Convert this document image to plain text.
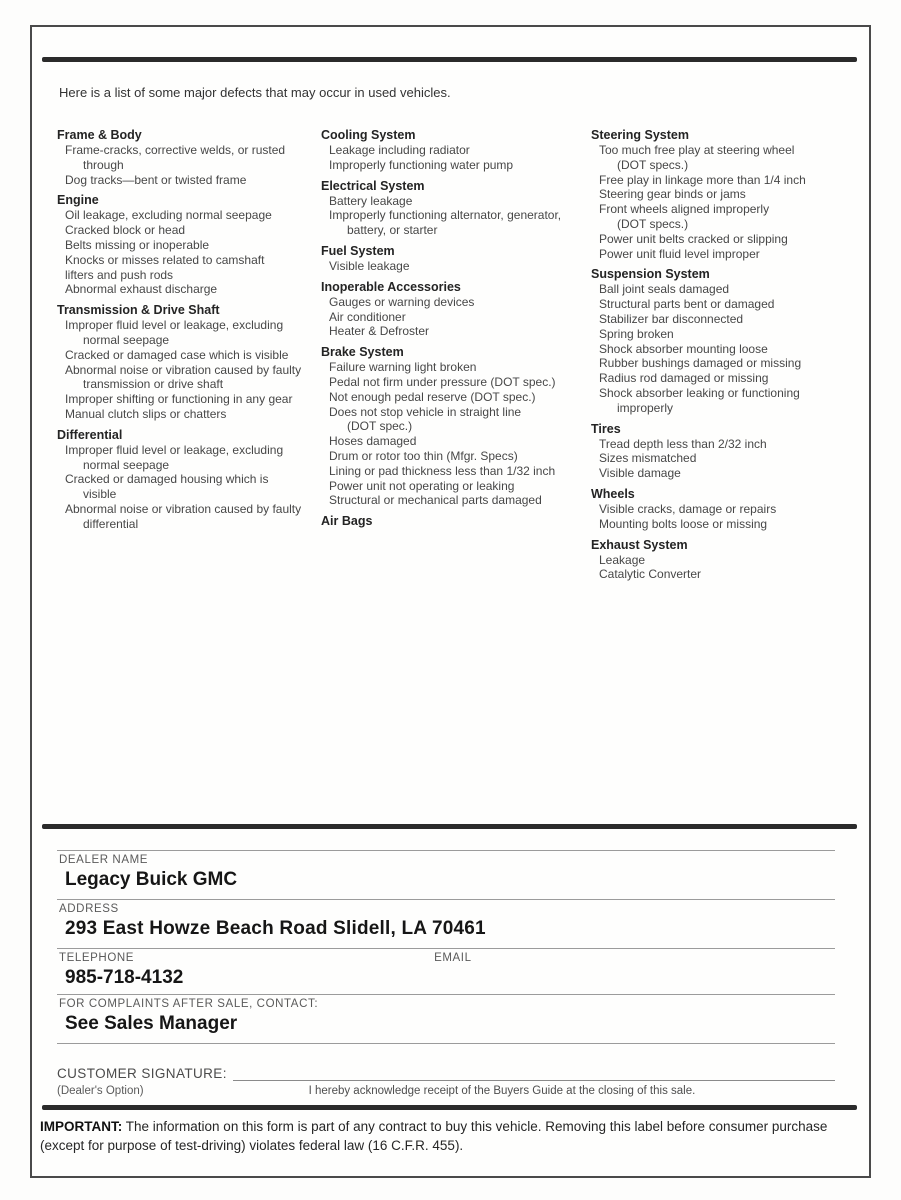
Here is a list of some major defects that may occur in used vehicles.

Frame & Body
Frame-cracks, corrective welds, or rusted
through
Dog tracks—bent or twisted frame
Engine
Oil leakage, excluding normal seepage
Cracked block or head
Belts missing or inoperable
Knocks or misses related to camshaft
lifters and push rods
Abnormal exhaust discharge
Transmission & Drive Shaft
Improper fluid level or leakage, excluding
normal seepage
Cracked or damaged case which is visible
Abnormal noise or vibration caused by faulty
transmission or drive shaft
Improper shifting or functioning in any gear
Manual clutch slips or chatters
Differential
Improper fluid level or leakage, excluding
normal seepage
Cracked or damaged housing which is
visible
Abnormal noise or vibration caused by faulty
differential
Cooling System
Leakage including radiator
Improperly functioning water pump
Electrical System
Battery leakage
Improperly functioning alternator, generator,
battery, or starter
Fuel System
Visible leakage
Inoperable Accessories
Gauges or warning devices
Air conditioner
Heater & Defroster
Brake System
Failure warning light broken
Pedal not firm under pressure (DOT spec.)
Not enough pedal reserve (DOT spec.)
Does not stop vehicle in straight line
(DOT spec.)
Hoses damaged
Drum or rotor too thin (Mfgr. Specs)
Lining or pad thickness less than 1/32 inch
Power unit not operating or leaking
Structural or mechanical parts damaged
Air Bags
Steering System
Too much free play at steering wheel
(DOT specs.)
Free play in linkage more than 1/4 inch
Steering gear binds or jams
Front wheels aligned improperly
(DOT specs.)
Power unit belts cracked or slipping
Power unit fluid level improper
Suspension System
Ball joint seals damaged
Structural parts bent or damaged
Stabilizer bar disconnected
Spring broken
Shock absorber mounting loose
Rubber bushings damaged or missing
Radius rod damaged or missing
Shock absorber leaking or functioning
improperly
Tires
Tread depth less than 2/32 inch
Sizes mismatched
Visible damage
Wheels
Visible cracks, damage or repairs
Mounting bolts loose or missing
Exhaust System
Leakage
Catalytic Converter
DEALER NAME
Legacy Buick GMC
ADDRESS
293 East Howze Beach Road Slidell, LA 70461
TELEPHONE	EMAIL
985-718-4132
FOR COMPLAINTS AFTER SALE, CONTACT:
See Sales Manager
CUSTOMER SIGNATURE:
(Dealer's Option)	I hereby acknowledge receipt of the Buyers Guide at the closing of this sale.

IMPORTANT: The information on this form is part of any contract to buy this vehicle. Removing this label before consumer purchase (except for purpose of test-driving) violates federal law (16 C.F.R. 455).
